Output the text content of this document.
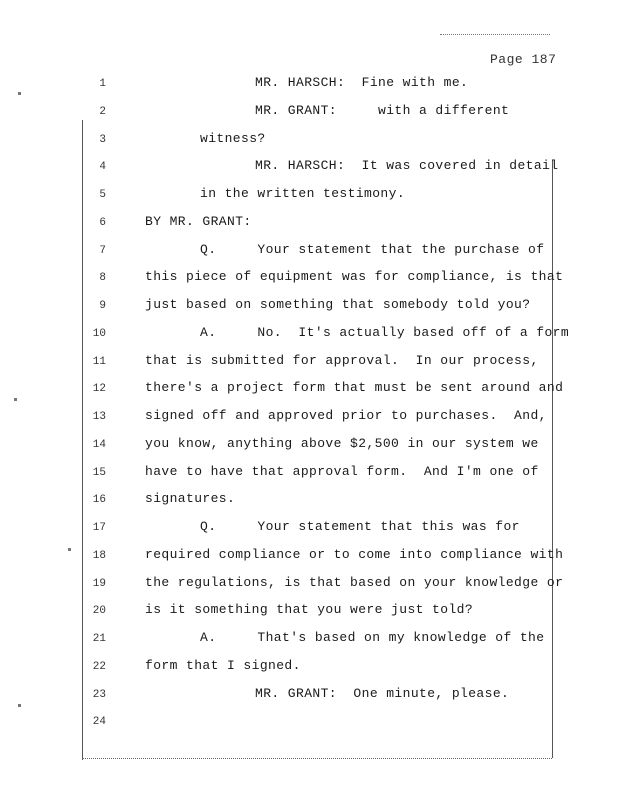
Page 187
1	MR. HARSCH:  Fine with me.
2	MR. GRANT:     with a different
3	witness?
4	MR. HARSCH:  It was covered in detail
5	in the written testimony.
6	BY MR. GRANT:
7	Q.     Your statement that the purchase of
8	this piece of equipment was for compliance, is that
9	just based on something that somebody told you?
10	A.     No.  It's actually based off of a form
11	that is submitted for approval.  In our process,
12	there's a project form that must be sent around and
13	signed off and approved prior to purchases.  And,
14	you know, anything above $2,500 in our system we
15	have to have that approval form.  And I'm one of
16	signatures.
17	Q.     Your statement that this was for
18	required compliance or to come into compliance with
19	the regulations, is that based on your knowledge or
20	is it something that you were just told?
21	A.     That's based on my knowledge of the
22	form that I signed.
23	MR. GRANT:  One minute, please.
24
